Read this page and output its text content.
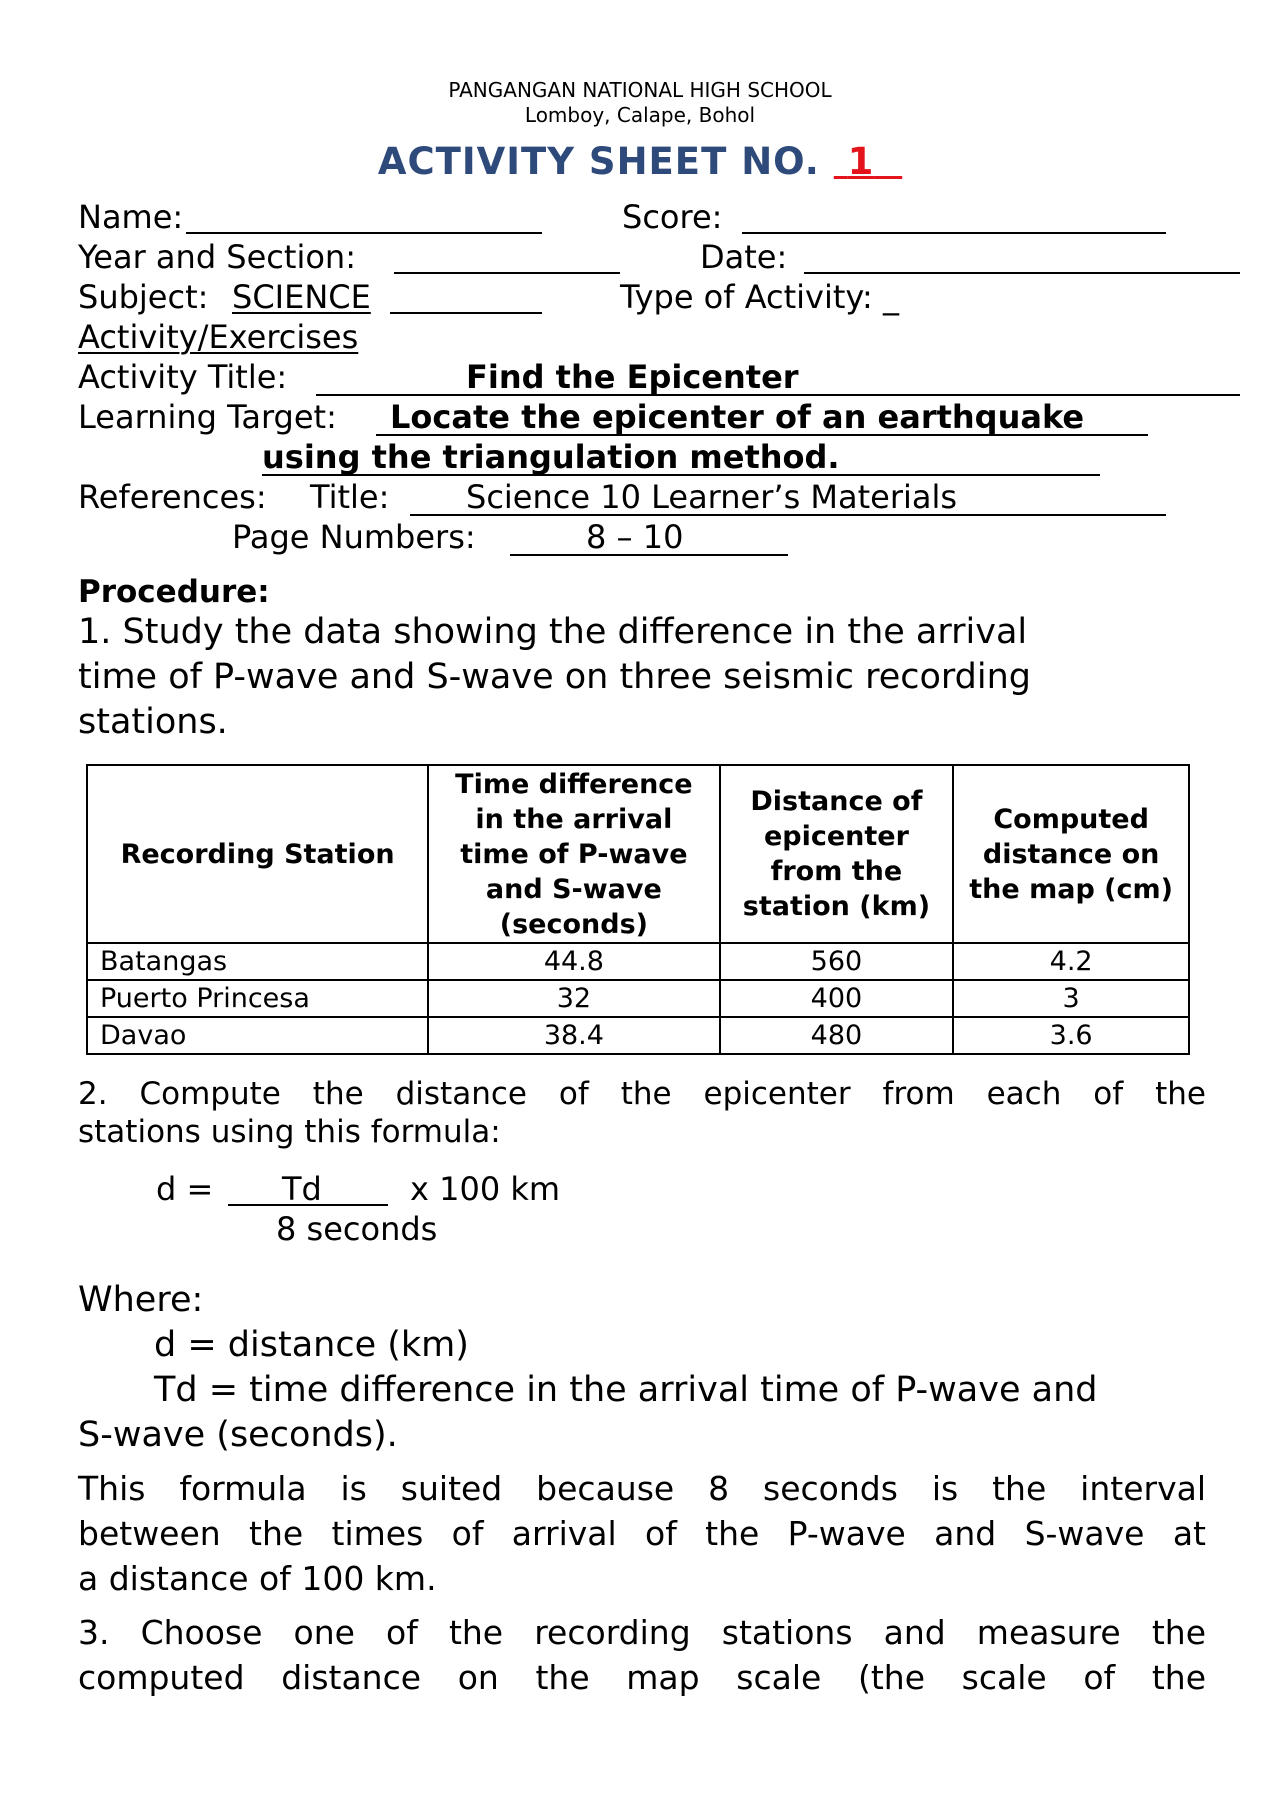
PANGANGAN NATIONAL HIGH SCHOOL
Lomboy, Calape, Bohol
ACTIVITY SHEET NO. 1
Name:	Score:
Year and Section:	Date:
Subject: SCIENCE	Type of Activity: _
Activity/Exercises
Activity Title:	Find the Epicenter
Learning Target: Locate the epicenter of an earthquake
using the triangulation method.
References: Title: Science 10 Learner’s Materials
Page Numbers:	8 – 10
Procedure:
1. Study the data showing the difference in the arrival
time of P-wave and S-wave on three seismic recording
stations.
Recording Station	Time difference in the arrival time of P-wave and S-wave (seconds)	Distance of epicenter from the station (km)	Computed distance on the map (cm)
Batangas	44.8	560	4.2
Puerto Princesa	32	400	3
Davao	38.4	480	3.6
2. Compute the distance of the epicenter from each of the
stations using this formula:
d = Td	x 100 km
8 seconds
Where:
d = distance (km)
Td = time difference in the arrival time of P-wave and
S-wave (seconds).
This formula is suited because 8 seconds is the interval
between the times of arrival of the P-wave and S-wave at
a distance of 100 km.
3. Choose one of the recording stations and measure the
computed distance on the map scale (the scale of the
